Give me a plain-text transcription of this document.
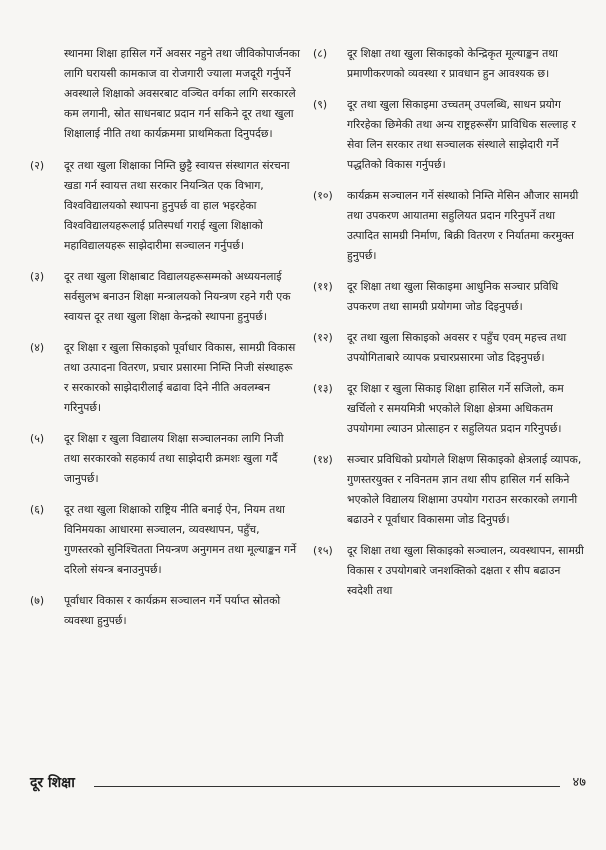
स्थानमा शिक्षा हासिल गर्ने अवसर नहुने तथा जीविकोपार्जनका लागि घरायसी कामकाज वा रोजगारी ज्याला मजदूरी गर्नुपर्ने अवस्थाले शिक्षाको अवसरबाट वञ्चित वर्गका लागि सरकारले कम लगानी, स्रोत साधनबाट प्रदान गर्न सकिने दूर तथा खुला शिक्षालाई नीति तथा कार्यक्रममा प्राथमिकता दिनुपर्दछ।

(२)	दूर तथा खुला शिक्षाका निम्ति छुट्टै स्वायत्त संस्थागत संरचना खडा गर्न स्वायत्त तथा सरकार नियन्त्रित एक विभाग, विश्वविद्यालयको स्थापना हुनुपर्छ वा हाल भइरहेका विश्वविद्यालयहरूलाई प्रतिस्पर्धा गराई खुला शिक्षाको महाविद्यालयहरू साझेदारीमा सञ्चालन गर्नुपर्छ।
(३)	दूर तथा खुला शिक्षाबाट विद्यालयहरूसम्मको अध्ययनलाई सर्वसुलभ बनाउन शिक्षा मन्त्रालयको नियन्त्रण रहने गरी एक स्वायत्त दूर तथा खुला शिक्षा केन्द्रको स्थापना हुनुपर्छ।
(४)	दूर शिक्षा र खुला सिकाइको पूर्वाधार विकास, सामग्री विकास तथा उत्पादना वितरण, प्रचार प्रसारमा निम्ति निजी संस्थाहरू र सरकारको साझेदारीलाई बढावा दिने नीति अवलम्बन गरिनुपर्छ।
(५)	दूर शिक्षा र खुला विद्यालय शिक्षा सञ्चालनका लागि निजी तथा सरकारको सहकार्य तथा साझेदारी क्रमशः खुला गर्दै जानुपर्छ।
(६)	दूर तथा खुला शिक्षाको राष्ट्रिय नीति बनाई ऐन, नियम तथा विनिमयका आधारमा सञ्चालन, व्यवस्थापन, पहुँच, गुणस्तरको सुनिश्चितता नियन्त्रण अनुगमन तथा मूल्याङ्कन गर्ने दरिलो संयन्त्र बनाउनुपर्छ।
(७)	पूर्वाधार विकास र कार्यक्रम सञ्चालन गर्ने पर्याप्त स्रोतको व्यवस्था हुनुपर्छ।
(८)	दूर शिक्षा तथा खुला सिकाइको केन्द्रिकृत मूल्याङ्कन तथा प्रमाणीकरणको व्यवस्था र प्रावधान हुन आवश्यक छ।
(९)	दूर तथा खुला सिकाइमा उच्चतम् उपलब्धि, साधन प्रयोग गरिरहेका छिमेकी तथा अन्य राष्ट्रहरूसँग प्राविधिक सल्लाह र सेवा लिन सरकार तथा सञ्चालक संस्थाले साझेदारी गर्ने पद्धतिको विकास गर्नुपर्छ।
(१०)	कार्यक्रम सञ्चालन गर्ने संस्थाको निम्ति मेसिन औजार सामग्री तथा उपकरण आयातमा सहुलियत प्रदान गरिनुपर्ने तथा उत्पादित सामग्री निर्माण, बिक्री वितरण र निर्यातमा करमुक्त हुनुपर्छ।
(११)	दूर शिक्षा तथा खुला सिकाइमा आधुनिक सञ्चार प्रविधि उपकरण तथा सामग्री प्रयोगमा जोड दिइनुपर्छ।
(१२)	दूर तथा खुला सिकाइको अवसर र पहुँच एवम् महत्त्व तथा उपयोगिताबारे व्यापक प्रचारप्रसारमा जोड दिइनुपर्छ।
(१३)	दूर शिक्षा र खुला सिकाइ शिक्षा हासिल गर्ने सजिलो, कम खर्चिलो र समयमित्री भएकोले शिक्षा क्षेत्रमा अधिकतम उपयोगमा ल्याउन प्रोत्साहन र सहुलियत प्रदान गरिनुपर्छ।
(१४)	सञ्चार प्रविधिको प्रयोगले शिक्षण सिकाइको क्षेत्रलाई व्यापक, गुणस्तरयुक्त र नविनतम ज्ञान तथा सीप हासिल गर्न सकिने भएकोले विद्यालय शिक्षामा उपयोग गराउन सरकारको लगानी बढाउने र पूर्वाधार विकासमा जोड दिनुपर्छ।
(१५)	दूर शिक्षा तथा खुला सिकाइको सञ्चालन, व्यवस्थापन, सामग्री विकास र उपयोगबारे जनशक्तिको दक्षता र सीप बढाउन स्वदेशी तथा
दूर शिक्षा	४७
